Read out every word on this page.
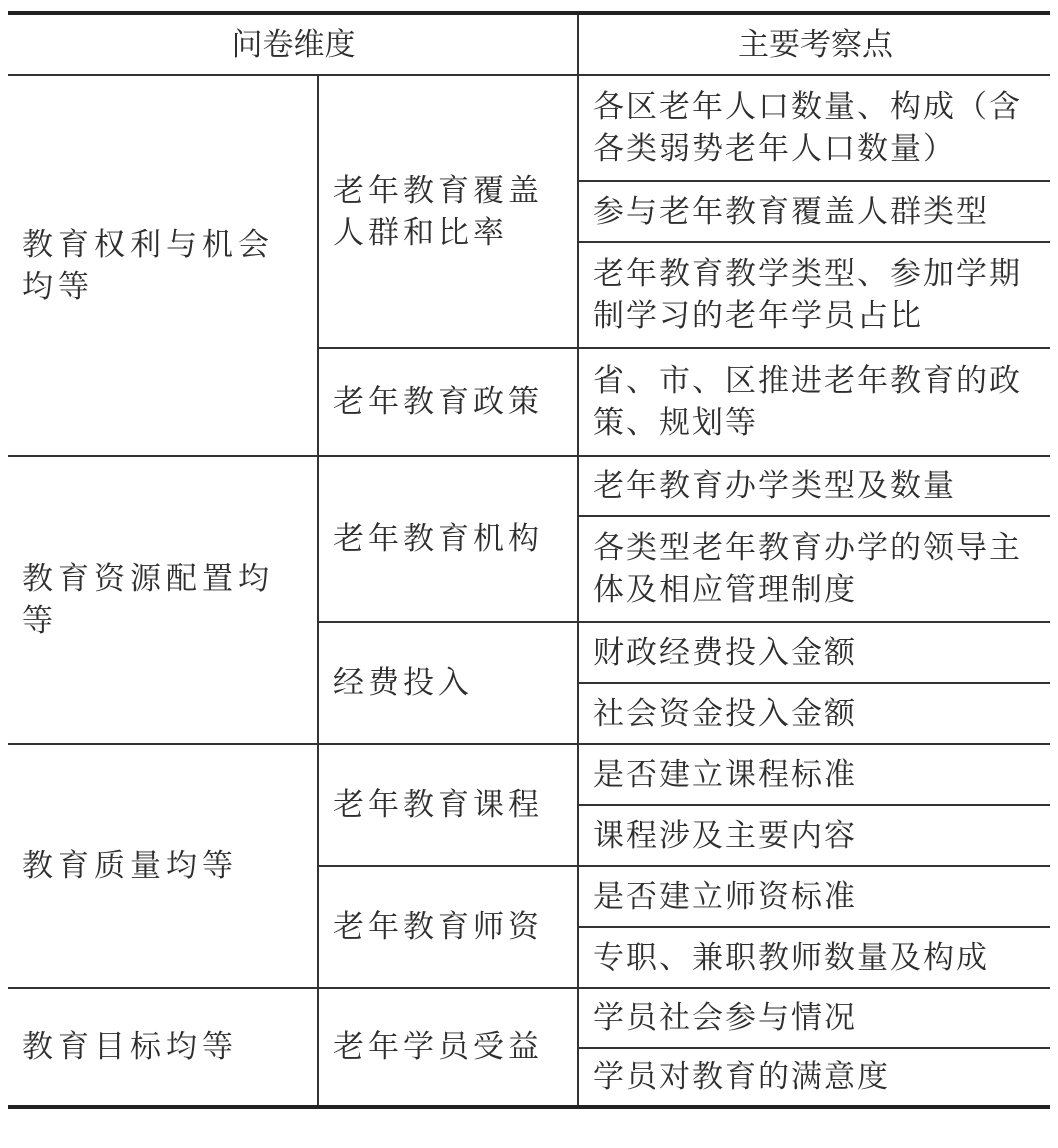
问卷维度		主要考察点
教育权利与机会均等	老年教育覆盖人群和比率	各区老年人口数量、构成（含各类弱势老年人口数量）
		参与老年教育覆盖人群类型
		老年教育教学类型、参加学期制学习的老年学员占比
	老年教育政策	省、市、区推进老年教育的政策、规划等
教育资源配置均等	老年教育机构	老年教育办学类型及数量
		各类型老年教育办学的领导主体及相应管理制度
	经费投入	财政经费投入金额
		社会资金投入金额
教育质量均等	老年教育课程	是否建立课程标准
		课程涉及主要内容
	老年教育师资	是否建立师资标准
		专职、兼职教师数量及构成
教育目标均等	老年学员受益	学员社会参与情况
		学员对教育的满意度
